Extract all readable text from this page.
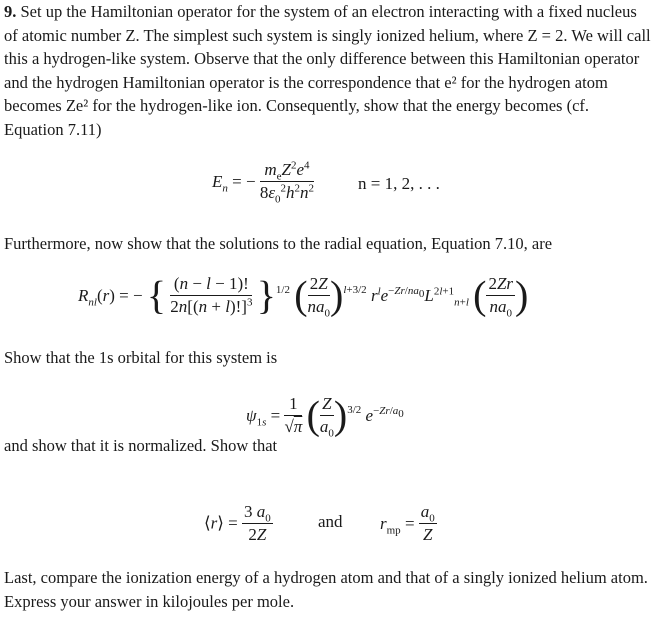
9. Set up the Hamiltonian operator for the system of an electron interacting with a fixed nucleus of atomic number Z. The simplest such system is singly ionized helium, where Z = 2. We will call this a hydrogen-like system. Observe that the only difference between this Hamiltonian operator and the hydrogen Hamiltonian operator is the correspondence that e² for the hydrogen atom becomes Ze² for the hydrogen-like ion. Consequently, show that the energy becomes (cf. Equation 7.11)
$E_n$ = − $\frac{m_eZ^2e^4}{8\varepsilon_0^2h^2n^2}$	n = 1, 2, . . .
Furthermore, now show that the solutions to the radial equation, Equation 7.10, are
$R_{nl}(r)$ = − { $\frac{(n - l - 1)!}{2n[(n + l)!]^3} \}^{1/2}$ ( $\frac{2Z}{na_0} )^{l+3/2}$ $r^le^{-Zr/na_0}L^{2l+1}_{n+l}$ ( $\frac{2Zr}{na_0}$ )
Show that the 1s orbital for this system is
$\psi_{1s} = \frac{1}{√\pi}$ ( $\frac{Z}{a_0} )^{3/2}$ $e^{-Zr/a_0}$
and show that it is normalized. Show that
⟨r⟩ = $\frac{3 a_0}{2Z}$	and $r_{mp} = \frac{a_0}{Z}$
Last, compare the ionization energy of a hydrogen atom and that of a singly ionized helium atom. Express your answer in kilojoules per mole.
